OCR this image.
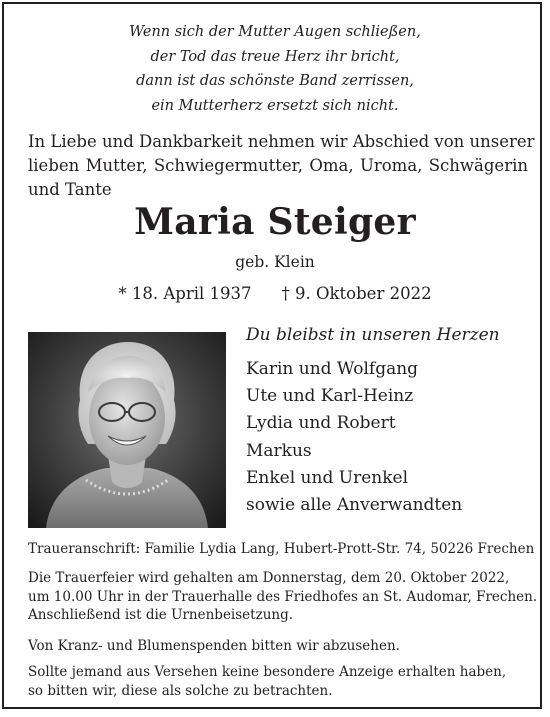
Wenn sich der Mutter Augen schließen,
der Tod das treue Herz ihr bricht,
dann ist das schönste Band zerrissen,
ein Mutterherz ersetzt sich nicht.
In Liebe und Dankbarkeit nehmen wir Abschied von unserer
lieben Mutter, Schwiegermutter, Oma, Uroma, Schwägerin
und Tante
Maria Steiger
geb. Klein
* 18. April 1937 † 9. Oktober 2022
Du bleibst in unseren Herzen
Karin und Wolfgang
Ute und Karl-Heinz
Lydia und Robert
Markus
Enkel und Urenkel
sowie alle Anverwandten
Traueranschrift: Familie Lydia Lang, Hubert-Prott-Str. 74, 50226 Frechen
Die Trauerfeier wird gehalten am Donnerstag, dem 20. Oktober 2022,
um 10.00 Uhr in der Trauerhalle des Friedhofes an St. Audomar, Frechen.
Anschließend ist die Urnenbeisetzung.
Von Kranz- und Blumenspenden bitten wir abzusehen.
Sollte jemand aus Versehen keine besondere Anzeige erhalten haben,
so bitten wir, diese als solche zu betrachten.
